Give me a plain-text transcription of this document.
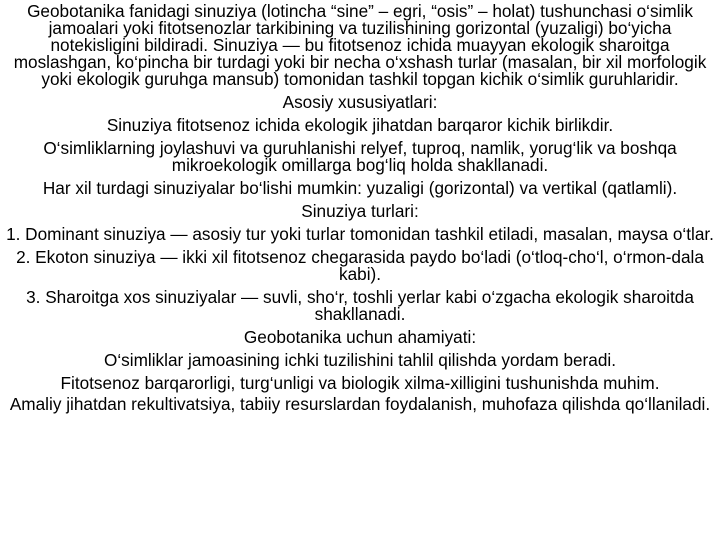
Geobotanika fanidagi sinuziya (lotincha “sine” – egri, “osis” – holat) tushunchasi o‘simlik jamoalari yoki fitotsenozlar tarkibining va tuzilishining gorizontal (yuzaligi) bo‘yicha notekisligini bildiradi. Sinuziya — bu fitotsenoz ichida muayyan ekologik sharoitga moslashgan, ko‘pincha bir turdagi yoki bir necha o‘xshash turlar (masalan, bir xil morfologik yoki ekologik guruhga mansub) tomonidan tashkil topgan kichik o‘simlik guruhlaridir.

Asosiy xususiyatlari:

Sinuziya fitotsenoz ichida ekologik jihatdan barqaror kichik birlikdir.

O‘simliklarning joylashuvi va guruhlanishi relyef, tuproq, namlik, yorug‘lik va boshqa mikroekologik omillarga bog‘liq holda shakllanadi.

Har xil turdagi sinuziyalar bo‘lishi mumkin: yuzaligi (gorizontal) va vertikal (qatlamli).

Sinuziya turlari:

1. Dominant sinuziya — asosiy tur yoki turlar tomonidan tashkil etiladi, masalan, maysa o‘tlar.

2. Ekoton sinuziya — ikki xil fitotsenoz chegarasida paydo bo‘ladi (o‘tloq-cho‘l, o‘rmon-dala kabi).

3. Sharoitga xos sinuziyalar — suvli, sho‘r, toshli yerlar kabi o‘zgacha ekologik sharoitda shakllanadi.

Geobotanika uchun ahamiyati:

O‘simliklar jamoasining ichki tuzilishini tahlil qilishda yordam beradi.

Fitotsenoz barqarorligi, turg‘unligi va biologik xilma-xilligini tushunishda muhim.

Amaliy jihatdan rekultivatsiya, tabiiy resurslardan foydalanish, muhofaza qilishda qo‘llaniladi.
